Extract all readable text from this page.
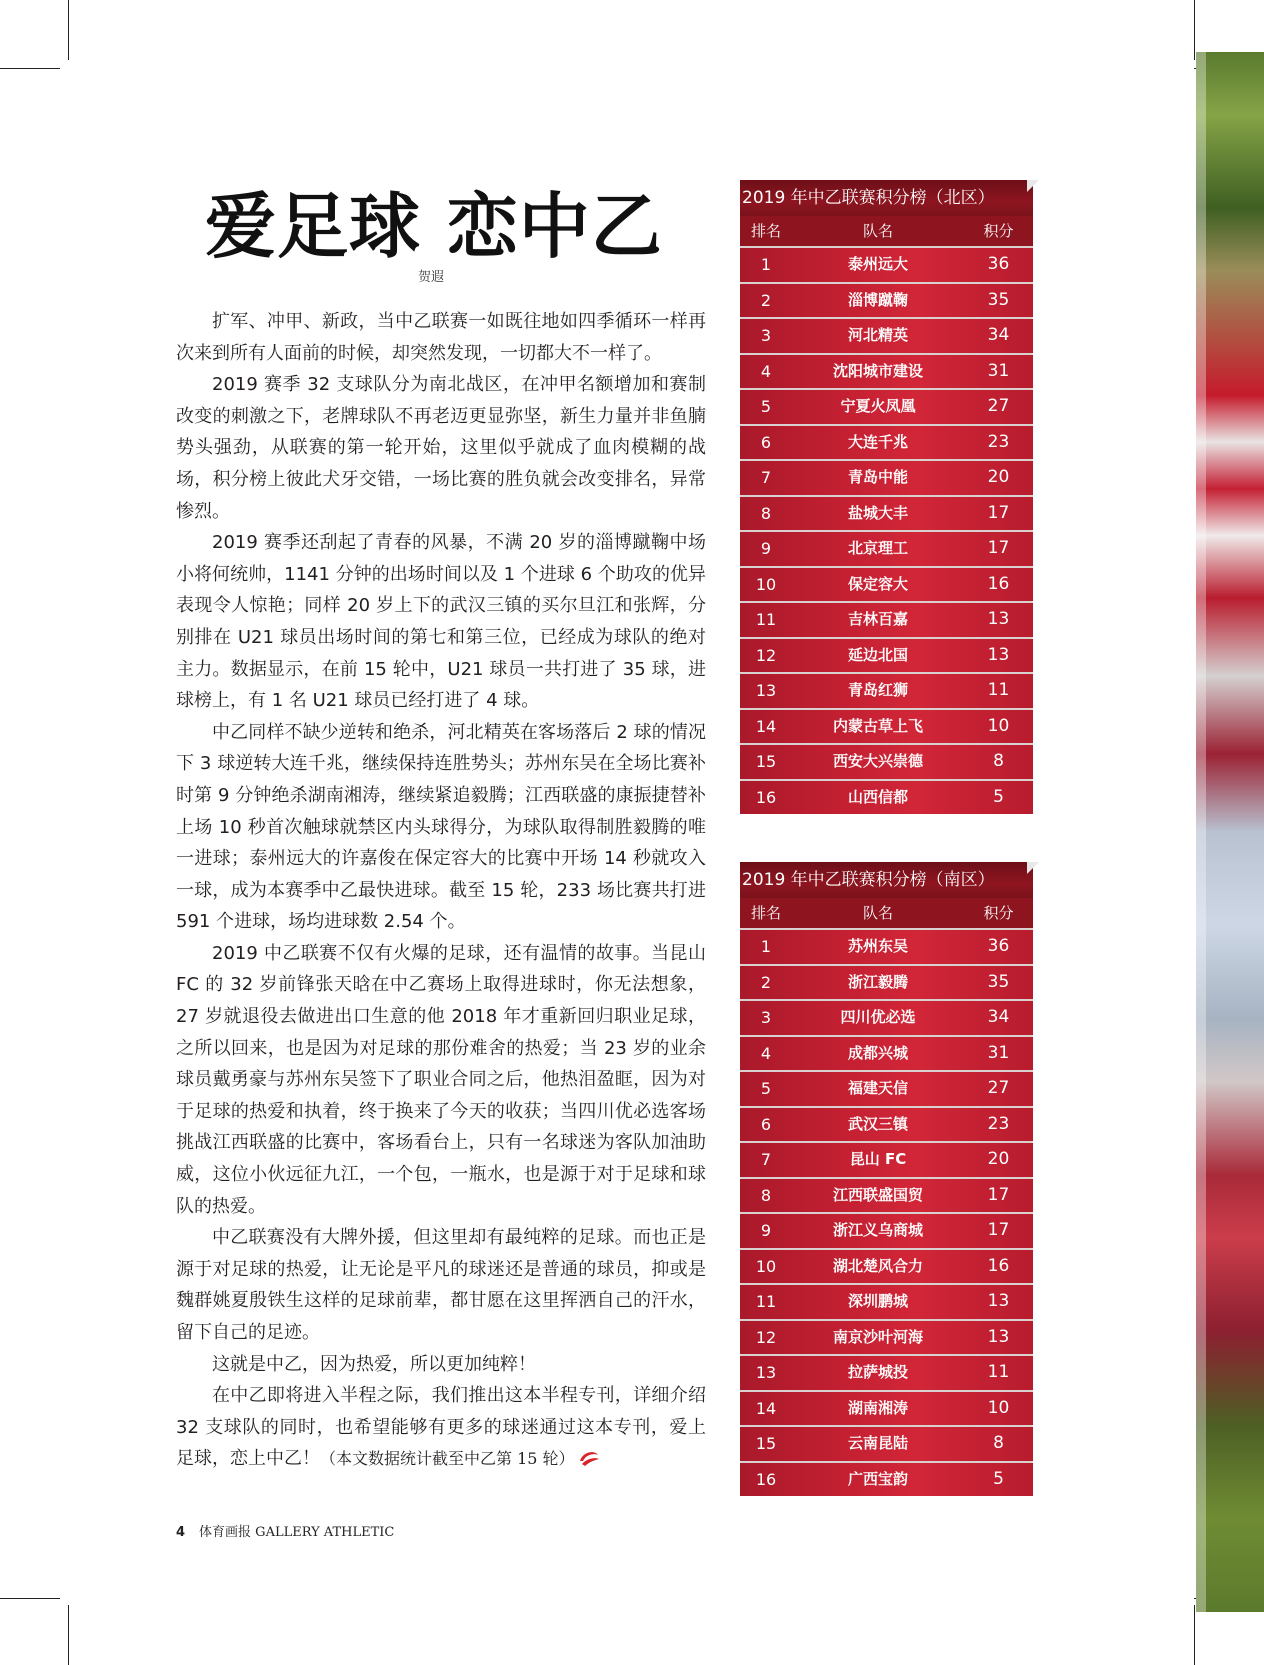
爱足球 恋中乙
贺遐

扩军、冲甲、新政，当中乙联赛一如既往地如四季循环一样再次来到所有人面前的时候，却突然发现，一切都大不一样了。

2019 赛季 32 支球队分为南北战区，在冲甲名额增加和赛制改变的刺激之下，老牌球队不再老迈更显弥坚，新生力量并非鱼腩势头强劲，从联赛的第一轮开始，这里似乎就成了血肉模糊的战场，积分榜上彼此犬牙交错，一场比赛的胜负就会改变排名，异常惨烈。

2019 赛季还刮起了青春的风暴，不满 20 岁的淄博蹴鞠中场小将何统帅，1141 分钟的出场时间以及 1 个进球 6 个助攻的优异表现令人惊艳；同样 20 岁上下的武汉三镇的买尔旦江和张辉，分别排在 U21 球员出场时间的第七和第三位，已经成为球队的绝对主力。数据显示，在前 15 轮中，U21 球员一共打进了 35 球，进球榜上，有 1 名 U21 球员已经打进了 4 球。

中乙同样不缺少逆转和绝杀，河北精英在客场落后 2 球的情况下 3 球逆转大连千兆，继续保持连胜势头；苏州东吴在全场比赛补时第 9 分钟绝杀湖南湘涛，继续紧追毅腾；江西联盛的康振捷替补上场 10 秒首次触球就禁区内头球得分，为球队取得制胜毅腾的唯一进球；泰州远大的许嘉俊在保定容大的比赛中开场 14 秒就攻入一球，成为本赛季中乙最快进球。截至 15 轮，233 场比赛共打进 591 个进球，场均进球数 2.54 个。

2019 中乙联赛不仅有火爆的足球，还有温情的故事。当昆山 FC 的 32 岁前锋张天晗在中乙赛场上取得进球时，你无法想象，27 岁就退役去做进出口生意的他 2018 年才重新回归职业足球，之所以回来，也是因为对足球的那份难舍的热爱；当 23 岁的业余球员戴勇豪与苏州东吴签下了职业合同之后，他热泪盈眶，因为对于足球的热爱和执着，终于换来了今天的收获；当四川优必选客场挑战江西联盛的比赛中，客场看台上，只有一名球迷为客队加油助威，这位小伙远征九江，一个包，一瓶水，也是源于对于足球和球队的热爱。

中乙联赛没有大牌外援，但这里却有最纯粹的足球。而也正是源于对足球的热爱，让无论是平凡的球迷还是普通的球员，抑或是魏群姚夏殷铁生这样的足球前辈，都甘愿在这里挥洒自己的汗水，留下自己的足迹。

这就是中乙，因为热爱，所以更加纯粹！

在中乙即将进入半程之际，我们推出这本半程专刊，详细介绍 32 支球队的同时，也希望能够有更多的球迷通过这本专刊，爱上足球，恋上中乙！（本文数据统计截至中乙第 15 轮）

4 体育画报 GALLERY ATHLETIC
2019 年中乙联赛积分榜（北区）
排名	队名	积分
1	泰州远大	36
2	淄博蹴鞠	35
3	河北精英	34
4	沈阳城市建设	31
5	宁夏火凤凰	27
6	大连千兆	23
7	青岛中能	20
8	盐城大丰	17
9	北京理工	17
10	保定容大	16
11	吉林百嘉	13
12	延边北国	13
13	青岛红狮	11
14	内蒙古草上飞	10
15	西安大兴崇德	8
16	山西信都	5
2019 年中乙联赛积分榜（南区）
排名	队名	积分
1	苏州东吴	36
2	浙江毅腾	35
3	四川优必选	34
4	成都兴城	31
5	福建天信	27
6	武汉三镇	23
7	昆山 FC	20
8	江西联盛国贸	17
9	浙江义乌商城	17
10	湖北楚风合力	16
11	深圳鹏城	13
12	南京沙叶河海	13
13	拉萨城投	11
14	湖南湘涛	10
15	云南昆陆	8
16	广西宝韵	5
